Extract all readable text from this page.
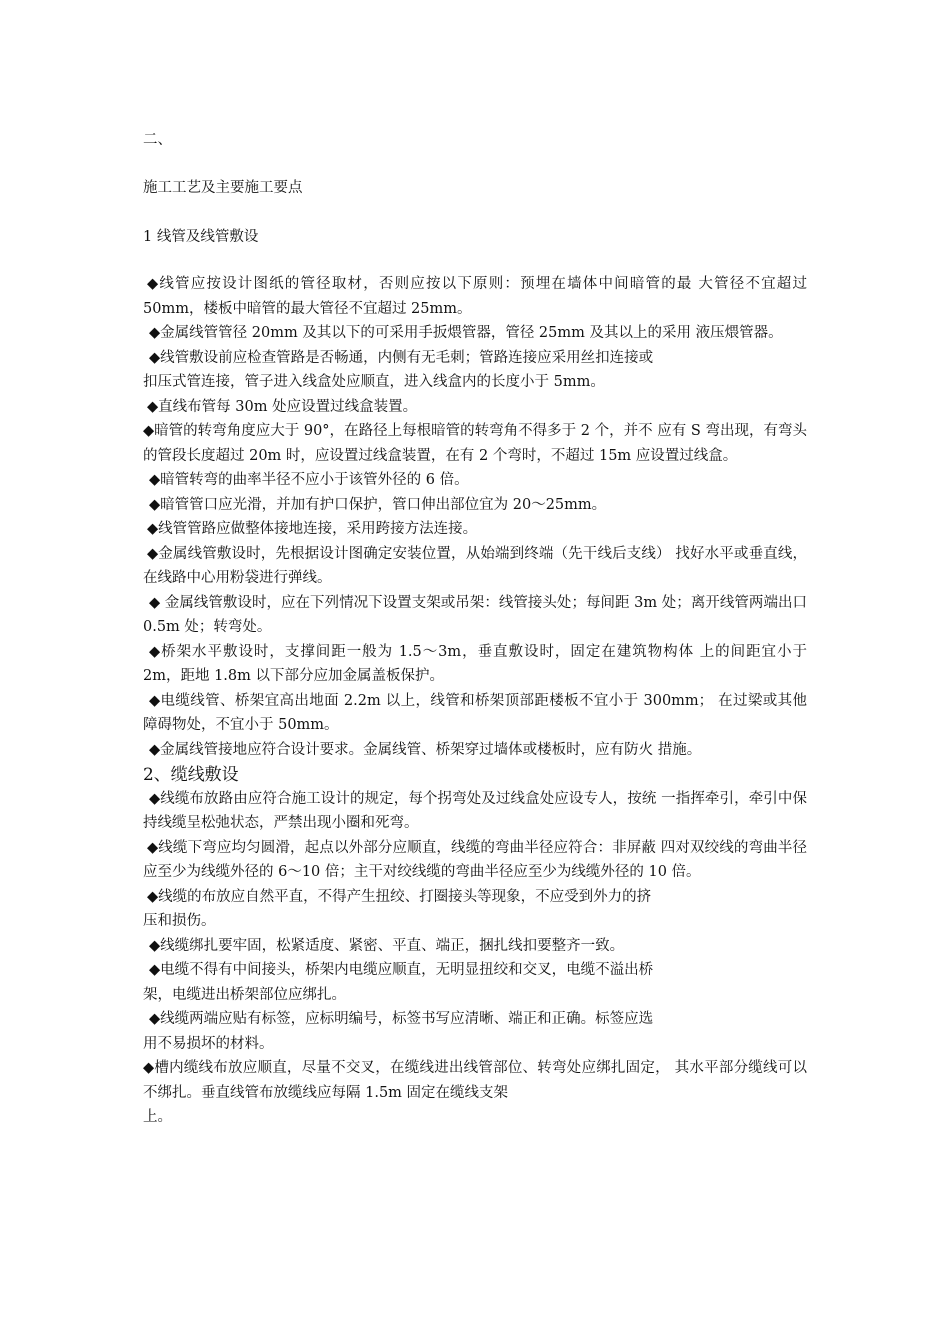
二、
施工工艺及主要施工要点
1 线管及线管敷设

◆线管应按设计图纸的管径取材，否则应按以下原则：预埋在墙体中间暗管的最 大管径不宜超过 50mm，楼板中暗管的最大管径不宜超过 25mm。

◆金属线管管径 20mm 及其以下的可采用手扳煨管器，管径 25mm 及其以上的采用 液压煨管器。

◆线管敷设前应检查管路是否畅通，内侧有无毛刺；管路连接应采用丝扣连接或

扣压式管连接，管子进入线盒处应顺直，进入线盒内的长度小于 5mm。

◆直线布管每 30m 处应设置过线盒装置。

◆暗管的转弯角度应大于 90°，在路径上每根暗管的转弯角不得多于 2 个，并不 应有 S 弯出现，有弯头的管段长度超过 20m 时，应设置过线盒装置，在有 2 个弯时，不超过 15m 应设置过线盒。

◆暗管转弯的曲率半径不应小于该管外径的 6 倍。

◆暗管管口应光滑，并加有护口保护，管口伸出部位宜为 20～25mm。

◆线管管路应做整体接地连接，采用跨接方法连接。

◆金属线管敷设时，先根据设计图确定安装位置，从始端到终端（先干线后支线） 找好水平或垂直线，在线路中心用粉袋进行弹线。

◆ 金属线管敷设时，应在下列情况下设置支架或吊架：线管接头处；每间距 3m 处；离开线管两端出口 0.5m 处；转弯处。

◆桥架水平敷设时，支撑间距一般为 1.5～3m，垂直敷设时，固定在建筑物构体 上的间距宜小于 2m，距地 1.8m 以下部分应加金属盖板保护。

◆电缆线管、桥架宜高出地面 2.2m 以上，线管和桥架顶部距楼板不宜小于 300mm； 在过梁或其他障碍物处，不宜小于 50mm。

◆金属线管接地应符合设计要求。金属线管、桥架穿过墙体或楼板时，应有防火 措施。

2、缆线敷设

◆线缆布放路由应符合施工设计的规定，每个拐弯处及过线盒处应设专人，按统 一指挥牵引，牵引中保持线缆呈松弛状态，严禁出现小圈和死弯。

◆线缆下弯应均匀圆滑，起点以外部分应顺直，线缆的弯曲半径应符合：非屏蔽 四对双绞线的弯曲半径应至少为线缆外径的 6～10 倍；主干对绞线缆的弯曲半径应至少为线缆外径的 10 倍。

◆线缆的布放应自然平直，不得产生扭绞、打圈接头等现象，不应受到外力的挤

压和损伤。

◆线缆绑扎要牢固，松紧适度、紧密、平直、端正，捆扎线扣要整齐一致。

◆电缆不得有中间接头，桥架内电缆应顺直，无明显扭绞和交叉，电缆不溢出桥

架，电缆进出桥架部位应绑扎。

◆线缆两端应贴有标签，应标明编号，标签书写应清晰、端正和正确。标签应选

用不易损坏的材料。

◆槽内缆线布放应顺直，尽量不交叉，在缆线进出线管部位、转弯处应绑扎固定， 其水平部分缆线可以不绑扎。垂直线管布放缆线应每隔 1.5m 固定在缆线支架

上。
